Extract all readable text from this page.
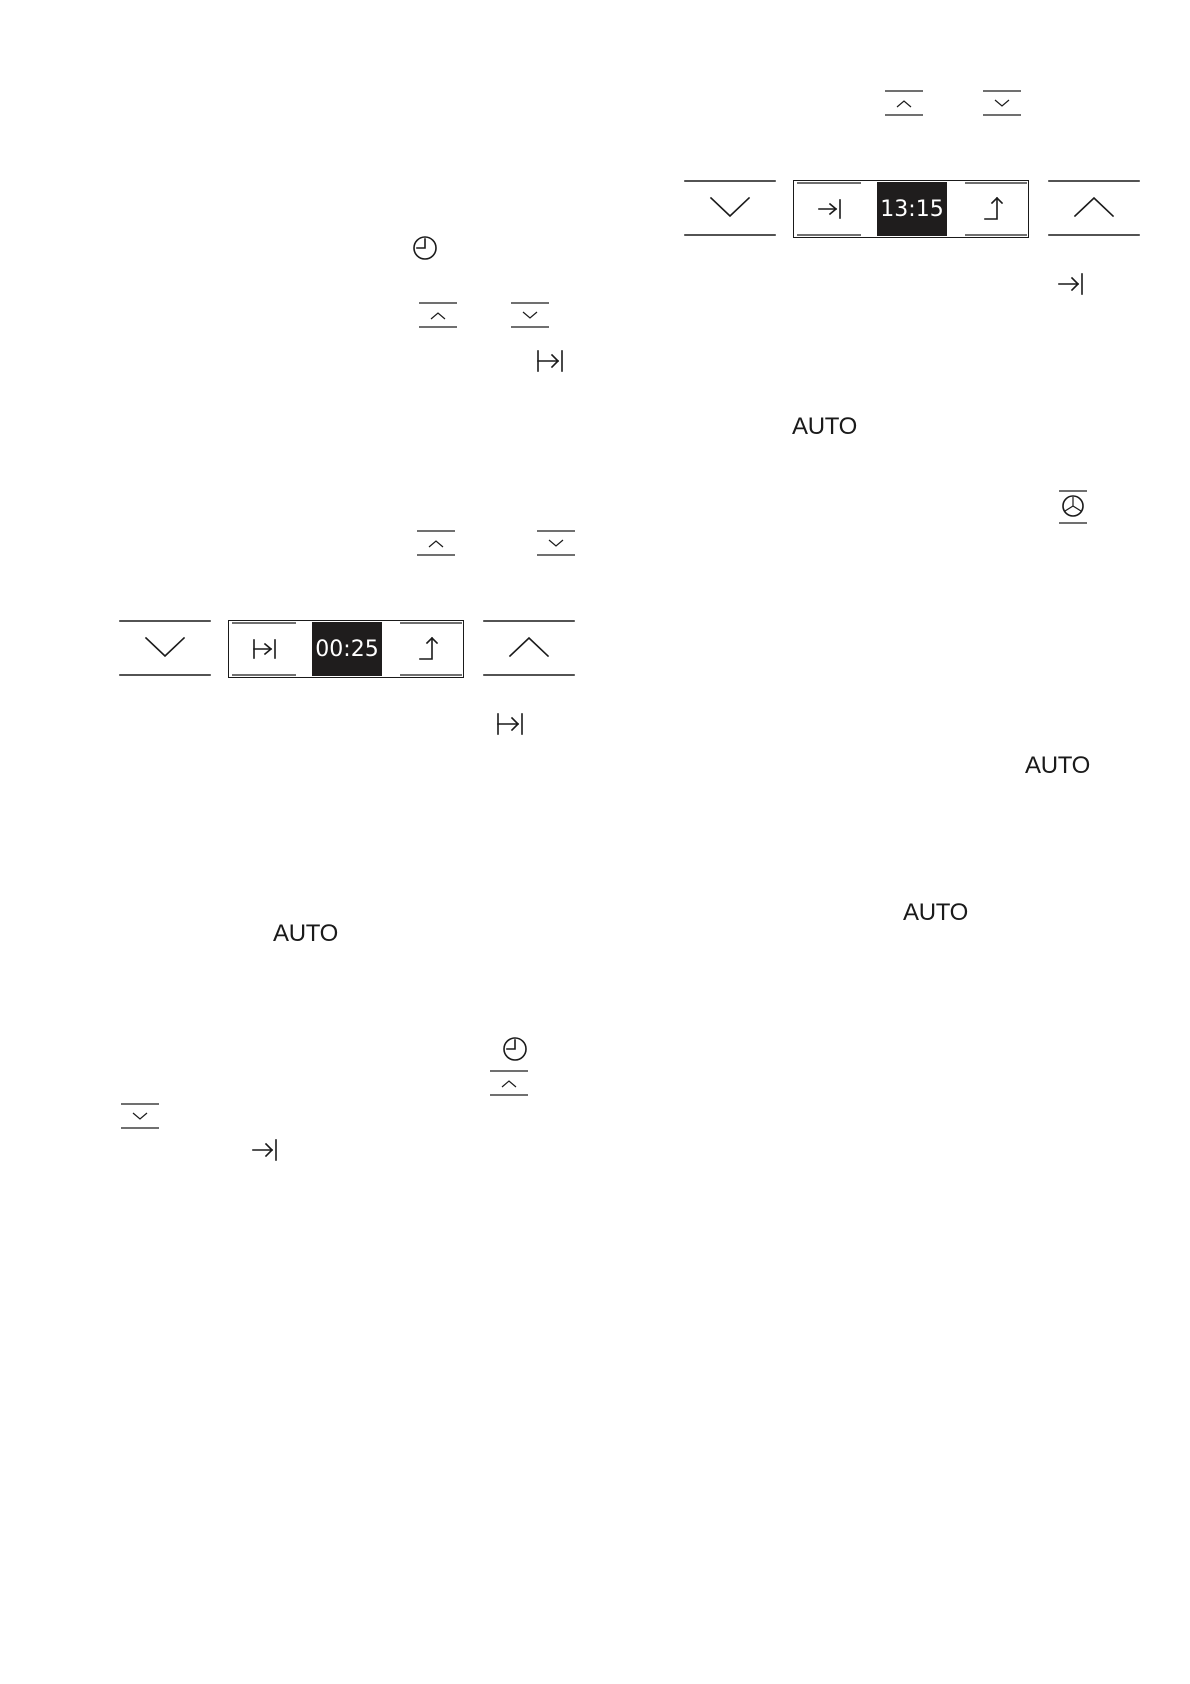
00:25
AUTO
13:15
AUTO
AUTO
AUTO
